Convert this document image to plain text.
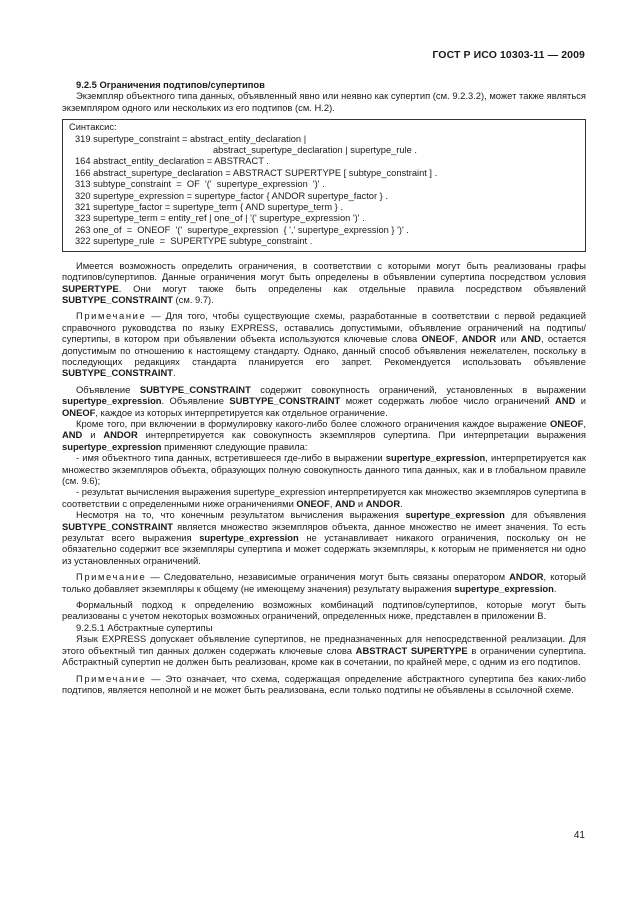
ГОСТ Р ИСО 10303-11 — 2009

9.2.5 Ограничения подтипов/супертипов

Экземпляр объектного типа данных, объявленный явно или неявно как супертип (см. 9.2.3.2), может также являться экземпляром одного или нескольких из его подтипов (см. Н.2).

Синтаксис:
319 supertype_constraint = abstract_entity_declaration |
abstract_supertype_declaration | supertype_rule .
164 abstract_entity_declaration = ABSTRACT .
166 abstract_supertype_declaration = ABSTRACT SUPERTYPE [ subtype_constraint ] .
313 subtype_constraint  =  OF  '('  supertype_expression  ')' .
320 supertype_expression = supertype_factor { ANDOR supertype_factor } .
321 supertype_factor = supertype_term { AND supertype_term } .
323 supertype_term = entity_ref | one_of | '(' supertype_expression ')' .
263 one_of  =  ONEOF  '('  supertype_expression  { ',' supertype_expression } ')' .
322 supertype_rule  =  SUPERTYPE subtype_constraint .

Имеется возможность определить ограничения, в соответствии с которыми могут быть реализованы графы подтипов/супертипов. Данные ограничения могут быть определены в объявлении супертипа посредством условия SUPERTYPE. Они могут также быть определены как отдельные правила посредством объявлений SUBTYPE_CONSTRAINT (см. 9.7).

Примечание — Для того, чтобы существующие схемы, разработанные в соответствии с первой редакцией справочного руководства по языку EXPRESS, оставались допустимыми, объявление ограничений на подтипы/супертипы, в котором при объявлении объекта используются ключевые слова ONEOF, ANDOR или AND, остается допустимым по отношению к настоящему стандарту. Однако, данный способ объявления нежелателен, поскольку в последующих редакциях стандарта планируется его запрет. Рекомендуется использовать объявление SUBTYPE_CONSTRAINT.

Объявление SUBTYPE_CONSTRAINT содержит совокупность ограничений, установленных в выражении supertype_expression. Объявление SUBTYPE_CONSTRAINT может содержать любое число ограничений AND и ONEOF, каждое из которых интерпретируется как отдельное ограничение.

Кроме того, при включении в формулировку какого-либо более сложного ограничения каждое выражение ONEOF, AND и ANDOR интерпретируется как совокупность экземпляров супертипа. При интерпретации выражения supertype_expression применяют следующие правила:

- имя объектного типа данных, встретившееся где-либо в выражении supertype_expression, интерпретируется как множество экземпляров объекта, образующих полную совокупность данного типа данных, как и в глобальном правиле (см. 9.6);

- результат вычисления выражения supertype_expression интерпретируется как множество экземпляров супертипа в соответствии с определенными ниже ограничениями ONEOF, AND и ANDOR.

Несмотря на то, что конечным результатом вычисления выражения supertype_expression для объявления SUBTYPE_CONSTRAINT является множество экземпляров объекта, данное множество не имеет значения. То есть результат всего выражения supertype_expression не устанавливает никакого ограничения, поскольку он не обязательно содержит все экземпляры супертипа и может содержать экземпляры, к которым не применяется ни одно из установленных ограничений.

Примечание — Следовательно, независимые ограничения могут быть связаны оператором ANDOR, который только добавляет экземпляры к общему (не имеющему значения) результату выражения supertype_expression.

Формальный подход к определению возможных комбинаций подтипов/супертипов, которые могут быть реализованы с учетом некоторых возможных ограничений, определенных ниже, представлен в приложении В.

9.2.5.1 Абстрактные супертипы

Язык EXPRESS допускает объявление супертипов, не предназначенных для непосредственной реализации. Для этого объектный тип данных должен содержать ключевые слова ABSTRACT SUPERTYPE в ограничении супертипа. Абстрактный супертип не должен быть реализован, кроме как в сочетании, по крайней мере, с одним из его подтипов.

Примечание — Это означает, что схема, содержащая определение абстрактного супертипа без каких-либо подтипов, является неполной и не может быть реализована, если только подтипы не объявлены в ссылочной схеме.

41
